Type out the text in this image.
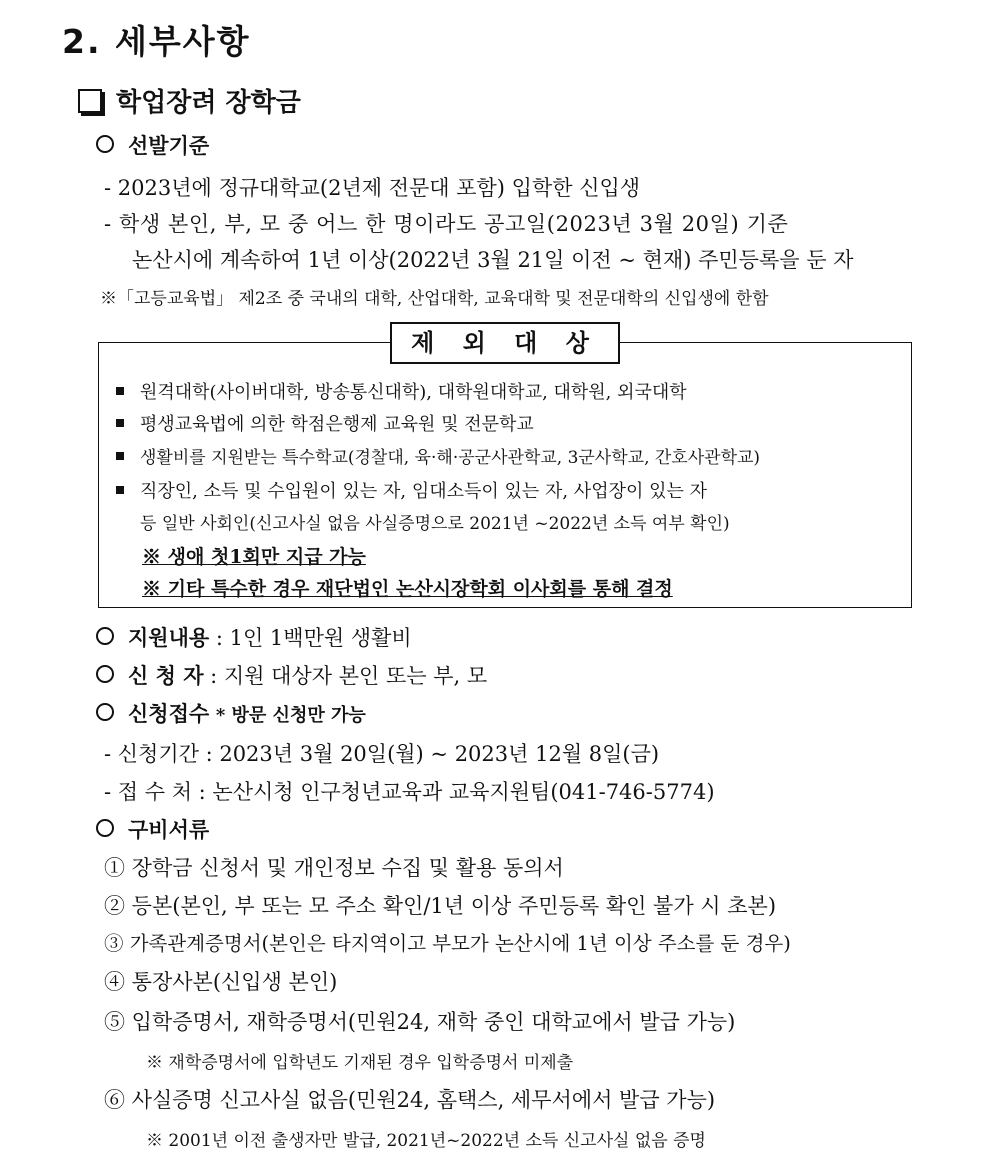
2. 세부사항
학업장려 장학금
선발기준
- 2023년에 정규대학교(2년제 전문대 포함) 입학한 신입생
- 학생 본인, 부, 모 중 어느 한 명이라도 공고일(2023년 3월 20일) 기준
논산시에 계속하여 1년 이상(2022년 3월 21일 이전 ~ 현재) 주민등록을 둔 자
※「고등교육법」 제2조 중 국내의 대학, 산업대학, 교육대학 및 전문대학의 신입생에 한함
제 외 대 상
원격대학(사이버대학, 방송통신대학), 대학원대학교, 대학원, 외국대학
평생교육법에 의한 학점은행제 교육원 및 전문학교
생활비를 지원받는 특수학교(경찰대, 육·해·공군사관학교, 3군사학교, 간호사관학교)
직장인, 소득 및 수입원이 있는 자, 임대소득이 있는 자, 사업장이 있는 자
등 일반 사회인(신고사실 없음 사실증명으로 2021년 ~2022년 소득 여부 확인)
※ 생애 첫1회만 지급 가능
※ 기타 특수한 경우 재단법인 논산시장학회 이사회를 통해 결정
지원내용 : 1인 1백만원 생활비
신 청 자 : 지원 대상자 본인 또는 부, 모
신청접수 * 방문 신청만 가능
- 신청기간 : 2023년 3월 20일(월) ~ 2023년 12월 8일(금)
- 접 수 처 : 논산시청 인구청년교육과 교육지원팀(041-746-5774)
구비서류
① 장학금 신청서 및 개인정보 수집 및 활용 동의서
② 등본(본인, 부 또는 모 주소 확인/1년 이상 주민등록 확인 불가 시 초본)
③ 가족관계증명서(본인은 타지역이고 부모가 논산시에 1년 이상 주소를 둔 경우)
④ 통장사본(신입생 본인)
⑤ 입학증명서, 재학증명서(민원24, 재학 중인 대학교에서 발급 가능)
※ 재학증명서에 입학년도 기재된 경우 입학증명서 미제출
⑥ 사실증명 신고사실 없음(민원24, 홈택스, 세무서에서 발급 가능)
※ 2001년 이전 출생자만 발급, 2021년~2022년 소득 신고사실 없음 증명
